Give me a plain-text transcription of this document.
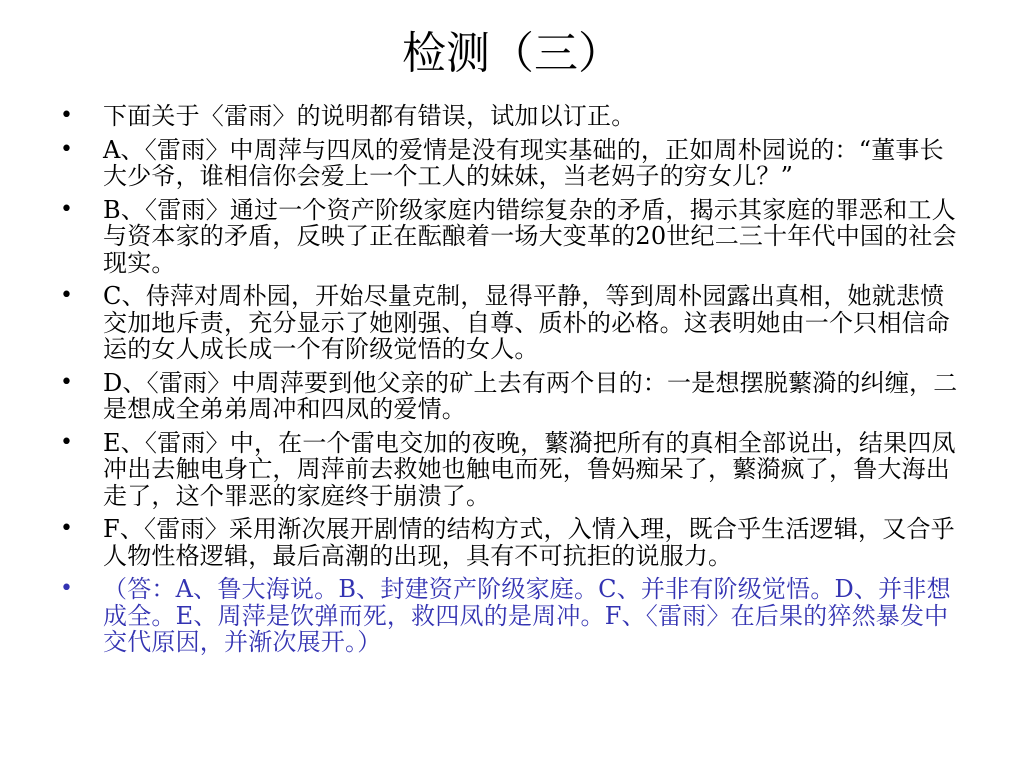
检测（三）
• 下面关于〈雷雨〉的说明都有错误，试加以订正。
• A、〈雷雨〉中周萍与四凤的爱情是没有现实基础的，正如周朴园说的：“董事长大少爷，谁相信你会爱上一个工人的妹妹，当老妈子的穷女儿？”
• B、〈雷雨〉通过一个资产阶级家庭内错综复杂的矛盾，揭示其家庭的罪恶和工人与资本家的矛盾，反映了正在酝酿着一场大变革的20世纪二三十年代中国的社会现实。
• C、侍萍对周朴园，开始尽量克制，显得平静，等到周朴园露出真相，她就悲愤交加地斥责，充分显示了她刚强、自尊、质朴的必格。这表明她由一个只相信命运的女人成长成一个有阶级觉悟的女人。
• D、〈雷雨〉中周萍要到他父亲的矿上去有两个目的：一是想摆脱蘩漪的纠缠，二是想成全弟弟周冲和四凤的爱情。
• E、〈雷雨〉中，在一个雷电交加的夜晚，蘩漪把所有的真相全部说出，结果四凤冲出去触电身亡，周萍前去救她也触电而死，鲁妈痴呆了，蘩漪疯了，鲁大海出走了，这个罪恶的家庭终于崩溃了。
• F、〈雷雨〉采用渐次展开剧情的结构方式，入情入理，既合乎生活逻辑，又合乎人物性格逻辑，最后高潮的出现，具有不可抗拒的说服力。
• （答：A、鲁大海说。B、封建资产阶级家庭。C、并非有阶级觉悟。D、并非想成全。E、周萍是饮弹而死，救四凤的是周冲。F、〈雷雨〉在后果的猝然暴发中交代原因，并渐次展开。）
